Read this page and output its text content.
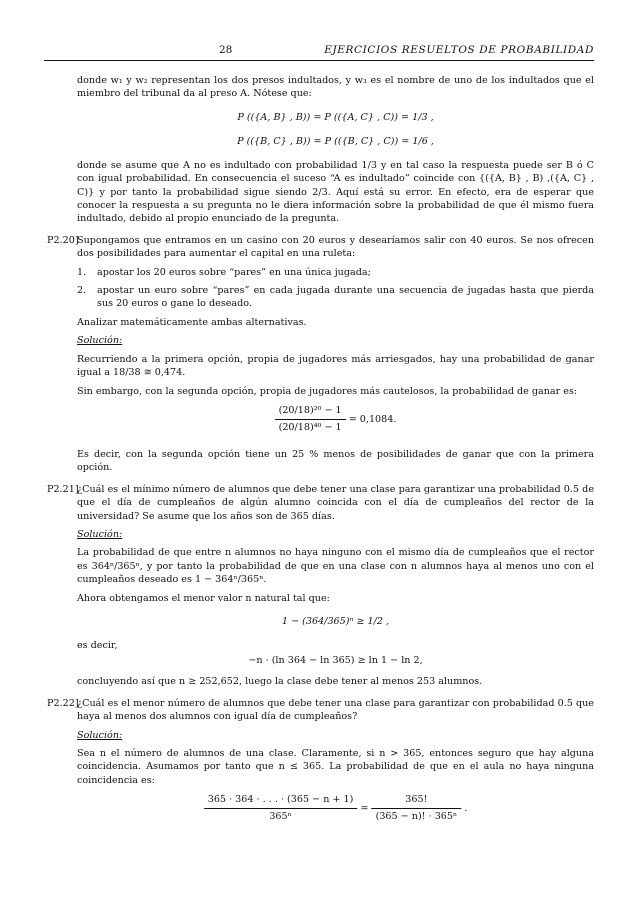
28	EJERCICIOS RESUELTOS DE PROBABILIDAD

donde w₁ y w₂ representan los dos presos indultados, y w₃ es el nombre de uno de los indultados que el miembro del tribunal da al preso A. Nótese que:

P (({A, B} , B)) = P (({A, C} , C)) = 1/3 ,
P (({B, C} , B)) = P (({B, C} , C)) = 1/6 ,

donde se asume que A no es indultado con probabilidad 1/3 y en tal caso la respuesta puede ser B ó C con igual probabilidad. En consecuencia el suceso “A es indultado” coincide con {({A, B} , B) ,({A, C} , C)} y por tanto la probabilidad sigue siendo 2/3. Aquí está su error. En efecto, era de esperar que conocer la respuesta a su pregunta no le diera información sobre la probabilidad de que él mismo fuera indultado, debido al propio enunciado de la pregunta.

P2.20]
Supongamos que entramos en un casino con 20 euros y desearíamos salir con 40 euros. Se nos ofrecen dos posibilidades para aumentar el capital en una ruleta:
1. apostar los 20 euros sobre “pares” en una única jugada;
2. apostar un euro sobre “pares” en cada jugada durante una secuencia de jugadas hasta que pierda sus 20 euros o gane lo deseado.

Analizar matemáticamente ambas alternativas.

Solución:

Recurriendo a la primera opción, propia de jugadores más arriesgados, hay una probabilidad de ganar igual a 18/38 ≅ 0,474.

Sin embargo, con la segunda opción, propia de jugadores más cautelosos, la probabilidad de ganar es:

$\frac{\text{(20/18)²⁰ − 1}}{\text{(20/18)⁴⁰ − 1}} = 0,1084$.

Es decir, con la segunda opción tiene un 25 % menos de posibilidades de ganar que con la primera opción.

P2.21]
¿Cuál es el mínimo número de alumnos que debe tener una clase para garantizar una probabilidad 0.5 de que el día de cumpleaños de algún alumno coincida con el día de cumpleaños del rector de la universidad? Se asume que los años son de 365 días.
Solución:

La probabilidad de que entre n alumnos no haya ninguno con el mismo día de cumpleaños que el rector es 364ⁿ/365ⁿ, y por tanto la probabilidad de que en una clase con n alumnos haya al menos uno con el cumpleaños deseado es 1 − 364ⁿ/365ⁿ.

Ahora obtengamos el menor valor n natural tal que:

1 − (364/365)ⁿ ≥ 1/2 ,

es decir,

−n · (ln 364 − ln 365) ≥ ln 1 − ln 2,

concluyendo así que n ≥ 252,652, luego la clase debe tener al menos 253 alumnos.

P2.22]
¿Cuál es el menor número de alumnos que debe tener una clase para garantizar con probabilidad 0.5 que haya al menos dos alumnos con igual día de cumpleaños?
Solución:

Sea n el número de alumnos de una clase. Claramente, si n > 365, entonces seguro que hay alguna coincidencia. Asumamos por tanto que n ≤ 365. La probabilidad de que en el aula no haya ninguna coincidencia es:

$\frac{365 \cdot 364 \cdot . . . \cdot (365 - n + 1)}{\text{365ⁿ}} = \frac{365!}{\text{(365 − n)! · 365ⁿ}}$ .
